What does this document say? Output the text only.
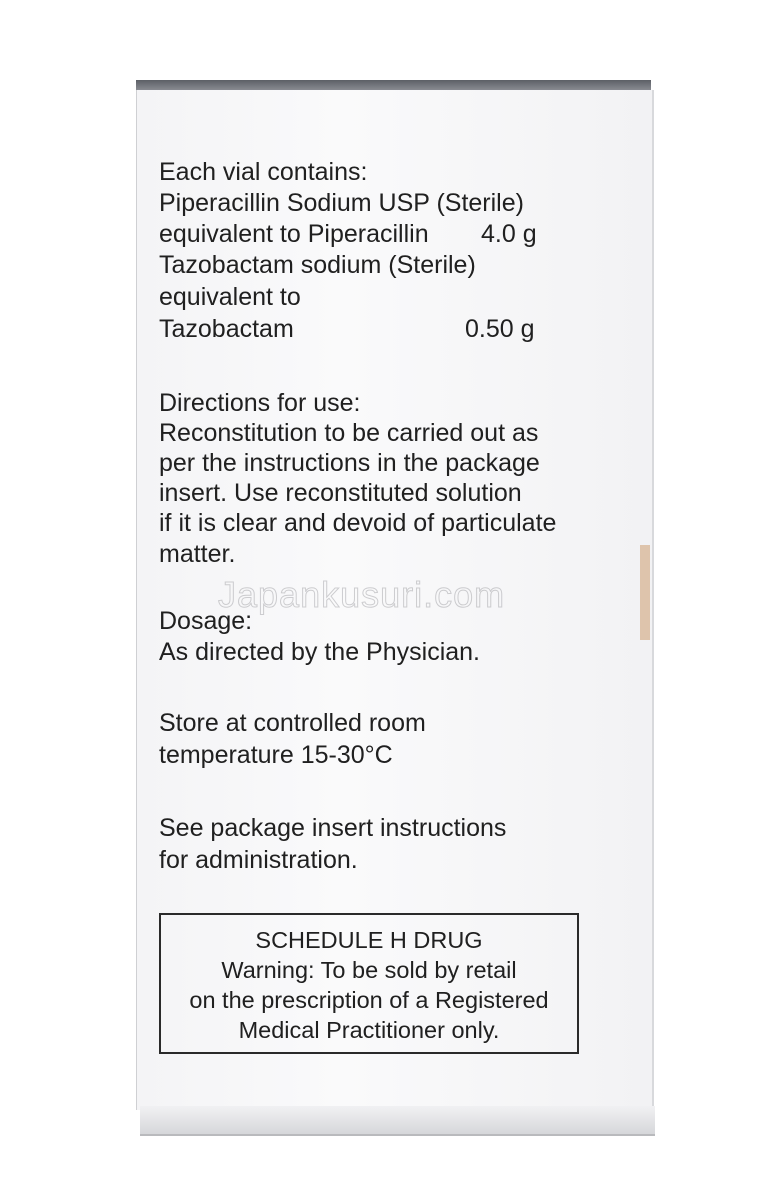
Each vial contains:
Piperacillin Sodium USP (Sterile)
equivalent to Piperacillin 4.0 g
Tazobactam sodium (Sterile)
equivalent to
Tazobactam	0.50 g
Directions for use:
Reconstitution to be carried out as
per the instructions in the package
insert. Use reconstituted solution
if it is clear and devoid of particulate
matter.
Japankusuri.com
Dosage:
As directed by the Physician.
Store at controlled room
temperature 15-30°C
See package insert instructions
for administration.
SCHEDULE H DRUG
Warning: To be sold by retail
on the prescription of a Registered
Medical Practitioner only.
